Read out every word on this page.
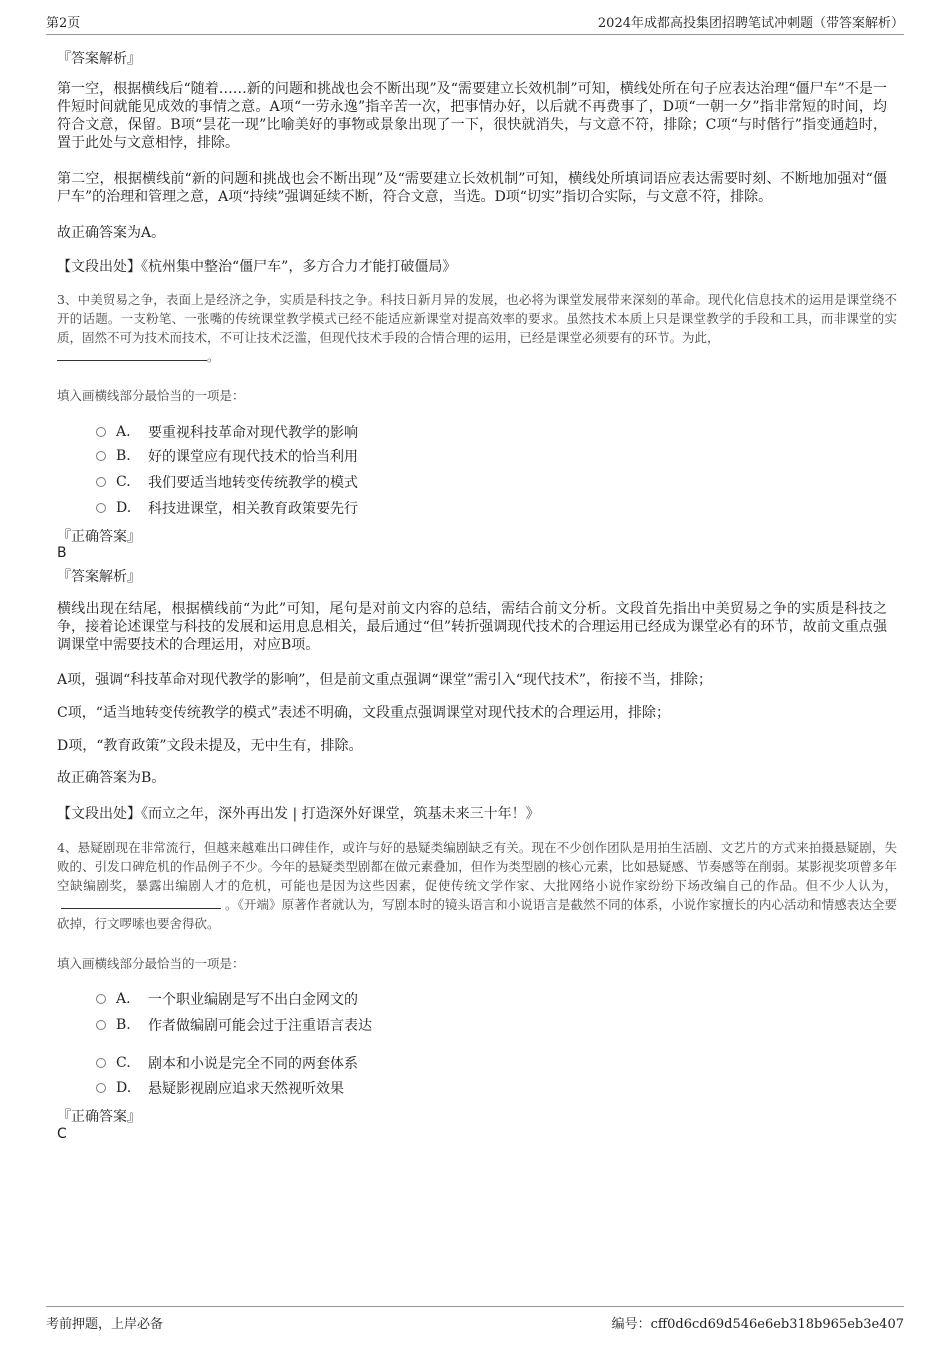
第2页	2024年成都高投集团招聘笔试冲刺题（带答案解析）
『答案解析』
第一空，根据横线后“随着……新的问题和挑战也会不断出现”及“需要建立长效机制”可知，横线处所在句子应表达治理“僵尸车”不是一件短时间就能见成效的事情之意。A项“一劳永逸”指辛苦一次，把事情办好，以后就不再费事了，D项“一朝一夕”指非常短的时间，均符合文意，保留。B项“昙花一现”比喻美好的事物或景象出现了一下，很快就消失，与文意不符，排除；C项“与时偕行”指变通趋时，置于此处与文意相悖，排除。
第二空，根据横线前“新的问题和挑战也会不断出现”及“需要建立长效机制”可知，横线处所填词语应表达需要时刻、不断地加强对“僵尸车”的治理和管理之意，A项“持续”强调延续不断，符合文意，当选。D项“切实”指切合实际，与文意不符，排除。
故正确答案为A。
【文段出处】《杭州集中整治“僵尸车”，多方合力才能打破僵局》
3、中美贸易之争，表面上是经济之争，实质是科技之争。科技日新月异的发展，也必将为课堂发展带来深刻的革命。现代化信息技术的运用是课堂绕不开的话题。一支粉笔、一张嘴的传统课堂教学模式已经不能适应新课堂对提高效率的要求。虽然技术本质上只是课堂教学的手段和工具，而非课堂的实质，固然不可为技术而技术，不可让技术泛滥，但现代技术手段的合情合理的运用，已经是课堂必须要有的环节。为此，
。
填入画横线部分最恰当的一项是：
A.	要重视科技革命对现代教学的影响
B.	好的课堂应有现代技术的恰当利用
C.	我们要适当地转变传统教学的模式
D.	科技进课堂，相关教育政策要先行
『正确答案』
B
『答案解析』
横线出现在结尾，根据横线前“为此”可知，尾句是对前文内容的总结，需结合前文分析。文段首先指出中美贸易之争的实质是科技之争，接着论述课堂与科技的发展和运用息息相关，最后通过“但”转折强调现代技术的合理运用已经成为课堂必有的环节，故前文重点强调课堂中需要技术的合理运用，对应B项。
A项，强调“科技革命对现代教学的影响”，但是前文重点强调“课堂”需引入“现代技术”，衔接不当，排除；
C项，“适当地转变传统教学的模式”表述不明确，文段重点强调课堂对现代技术的合理运用，排除；
D项，“教育政策”文段未提及，无中生有，排除。
故正确答案为B。
【文段出处】《而立之年，深外再出发 | 打造深外好课堂，筑基未来三十年！》
4、悬疑剧现在非常流行，但越来越难出口碑佳作，或许与好的悬疑类编剧缺乏有关。现在不少创作团队是用拍生活剧、文艺片的方式来拍摄悬疑剧，失败的、引发口碑危机的作品例子不少。今年的悬疑类型剧都在做元素叠加，但作为类型剧的核心元素，比如悬疑感、节奏感等在削弱。某影视奖项曾多年空缺编剧奖，暴露出编剧人才的危机，可能也是因为这些因素，促使传统文学作家、大批网络小说作家纷纷下场改编自己的作品。但不少人认为，。《开端》原著作者就认为，写剧本时的镜头语言和小说语言是截然不同的体系，小说作家擅长的内心活动和情感表达全要砍掉，行文啰嗦也要舍得砍。
填入画横线部分最恰当的一项是：
A.	一个职业编剧是写不出白金网文的
B.	作者做编剧可能会过于注重语言表达
C.	剧本和小说是完全不同的两套体系
D.	悬疑影视剧应追求天然视听效果
『正确答案』
C
考前押题，上岸必备	编号：cff0d6cd69d546e6eb318b965eb3e407
